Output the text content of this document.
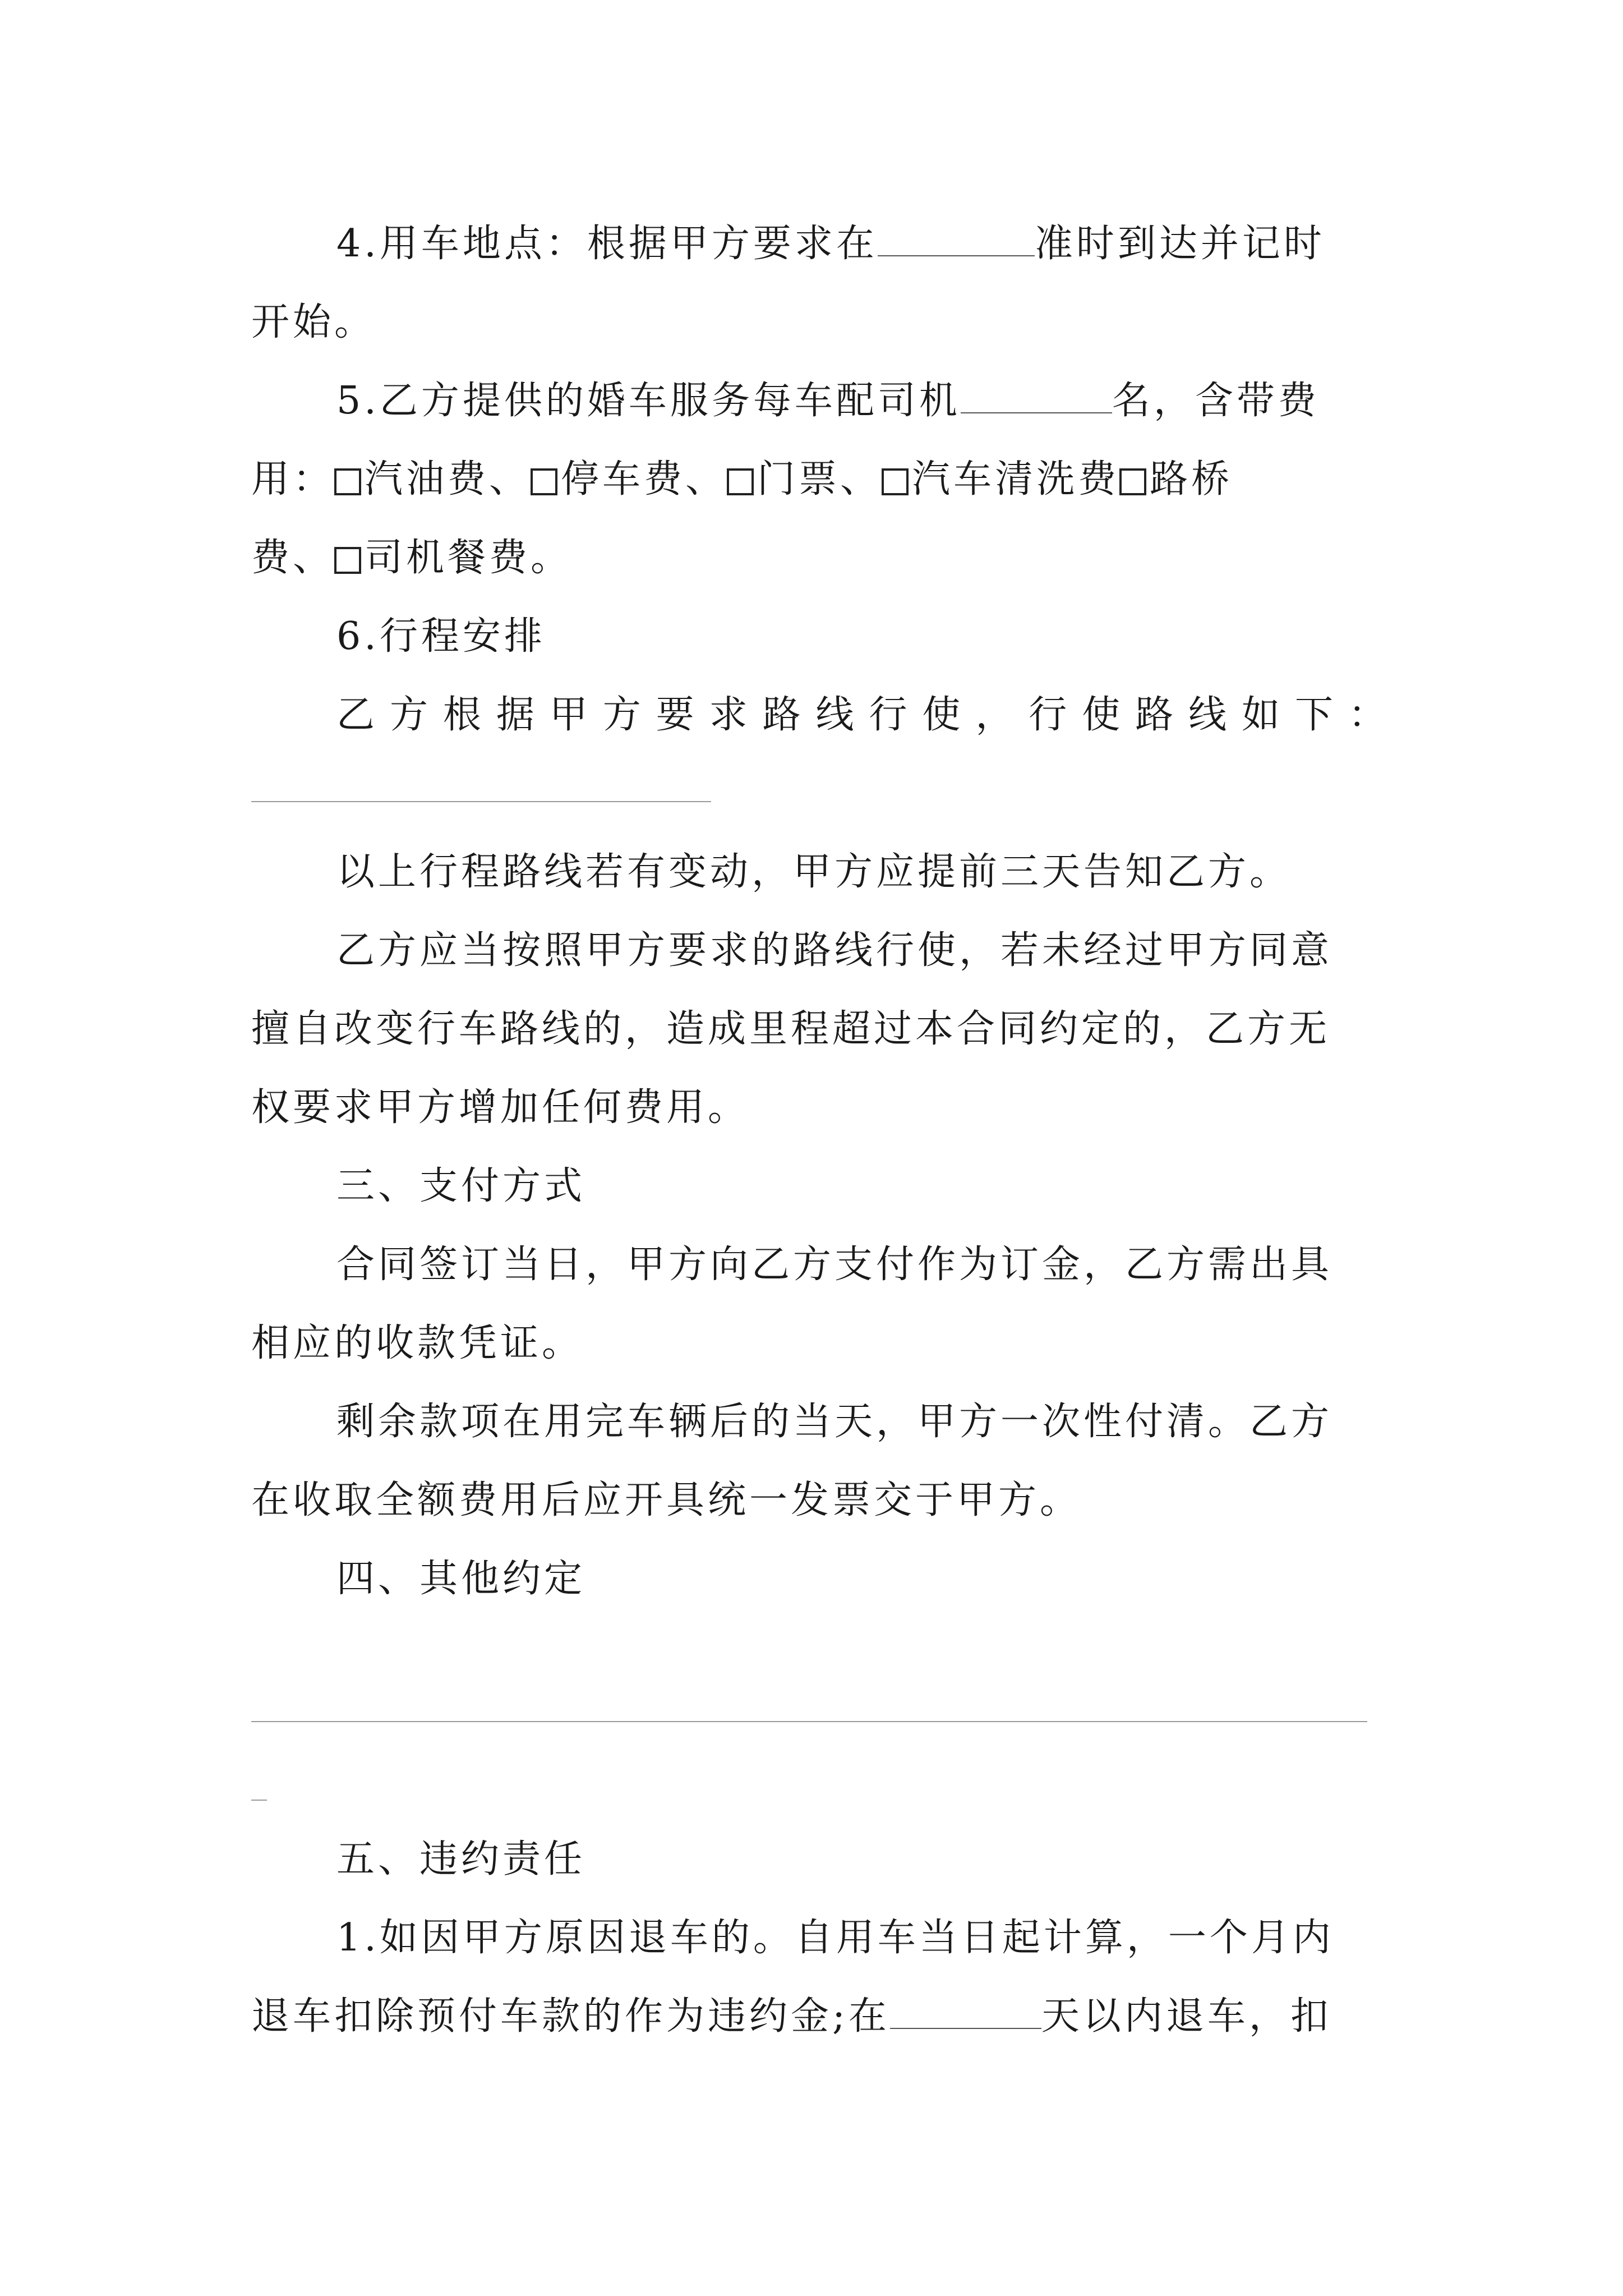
4.用车地点：根据甲方要求在	准时到达并记时
开始。
5.乙方提供的婚车服务每车配司机	名，含带费
用： 汽油费、 停车费、 门票、 汽车清洗费 路桥
费、 司机餐费。
6.行程安排
乙方根据甲方要求路线行使，行使路线如下：
以上行程路线若有变动，甲方应提前三天告知乙方。
乙方应当按照甲方要求的路线行使，若未经过甲方同意
擅自改变行车路线的，造成里程超过本合同约定的，乙方无
权要求甲方增加任何费用。
三、支付方式
合同签订当日，甲方向乙方支付作为订金，乙方需出具
相应的收款凭证。
剩余款项在用完车辆后的当天，甲方一次性付清。乙方
在收取全额费用后应开具统一发票交于甲方。
四、其他约定
五、违约责任
1.如因甲方原因退车的。自用车当日起计算，一个月内
退车扣除预付车款的作为违约金;在	天以内退车，扣
